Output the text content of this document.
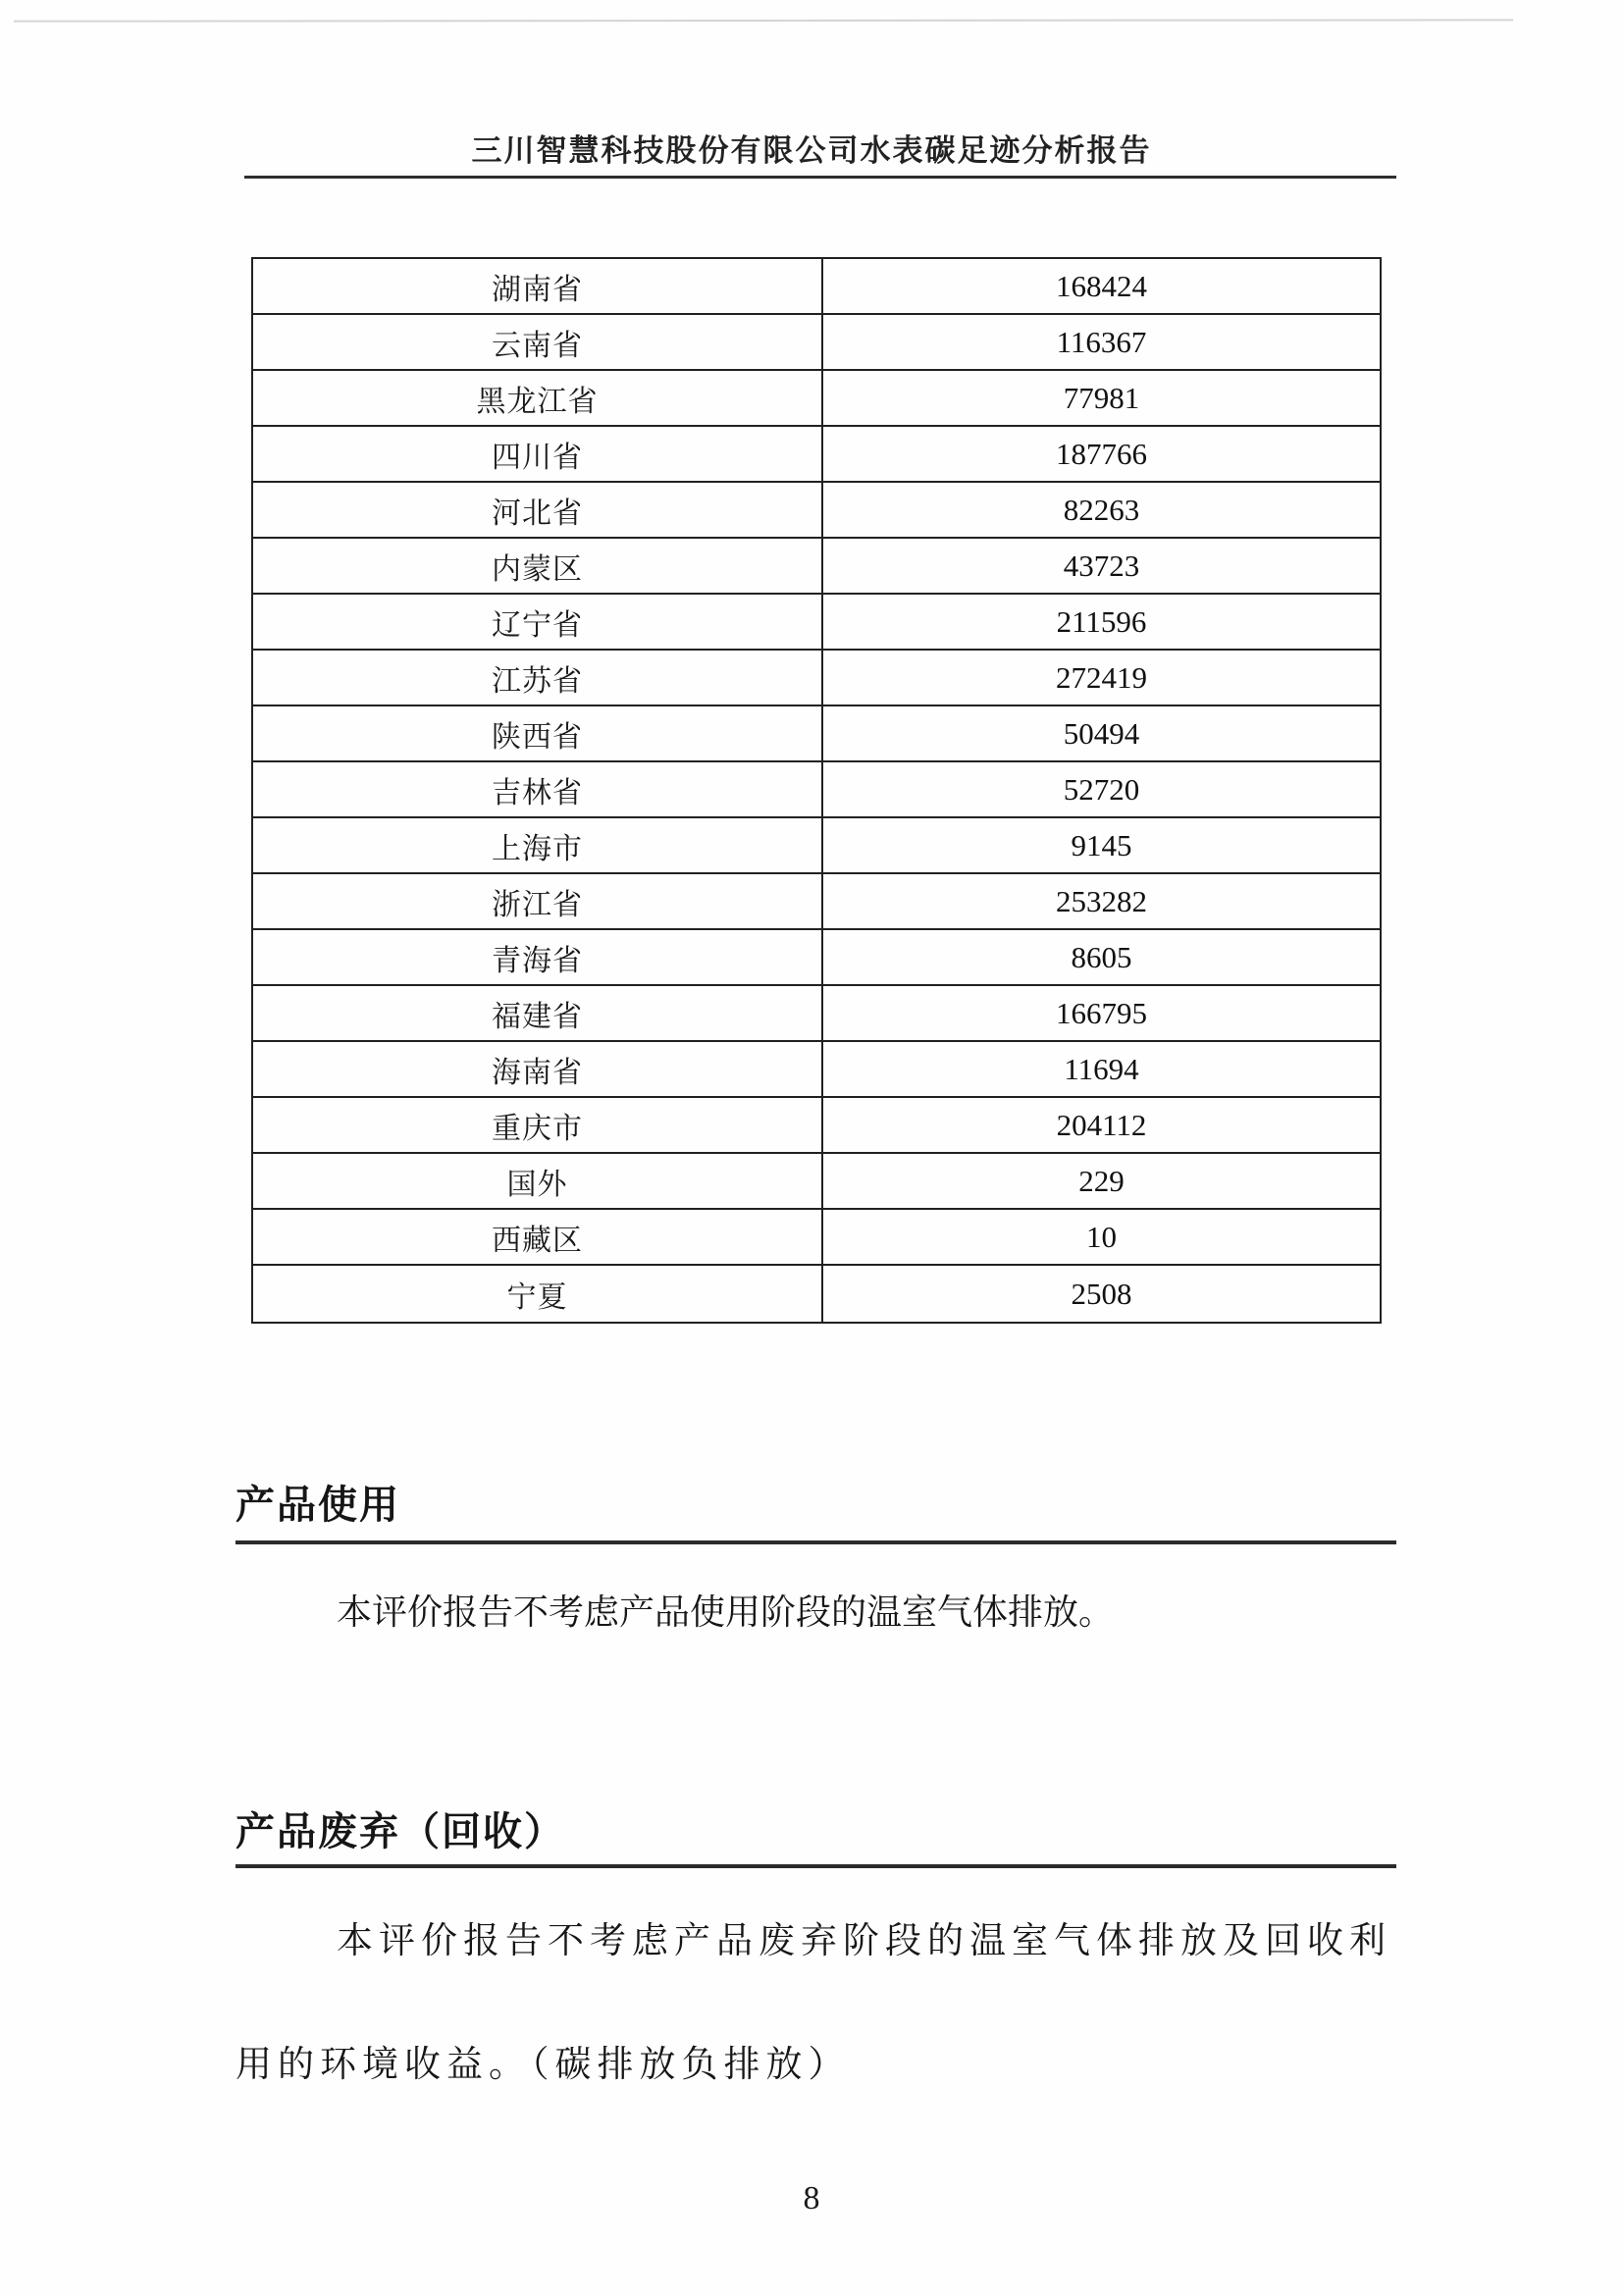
三川智慧科技股份有限公司水表碳足迹分析报告
湖南省	168424
云南省	116367
黑龙江省	77981
四川省	187766
河北省	82263
内蒙区	43723
辽宁省	211596
江苏省	272419
陕西省	50494
吉林省	52720
上海市	9145
浙江省	253282
青海省	8605
福建省	166795
海南省	11694
重庆市	204112
国外	229
西藏区	10
宁夏	2508
产品使用
本评价报告不考虑产品使用阶段的温室气体排放。
产品废弃（回收）
本评价报告不考虑产品废弃阶段的温室气体排放及回收利用的环境收益。（碳排放负排放）
8
